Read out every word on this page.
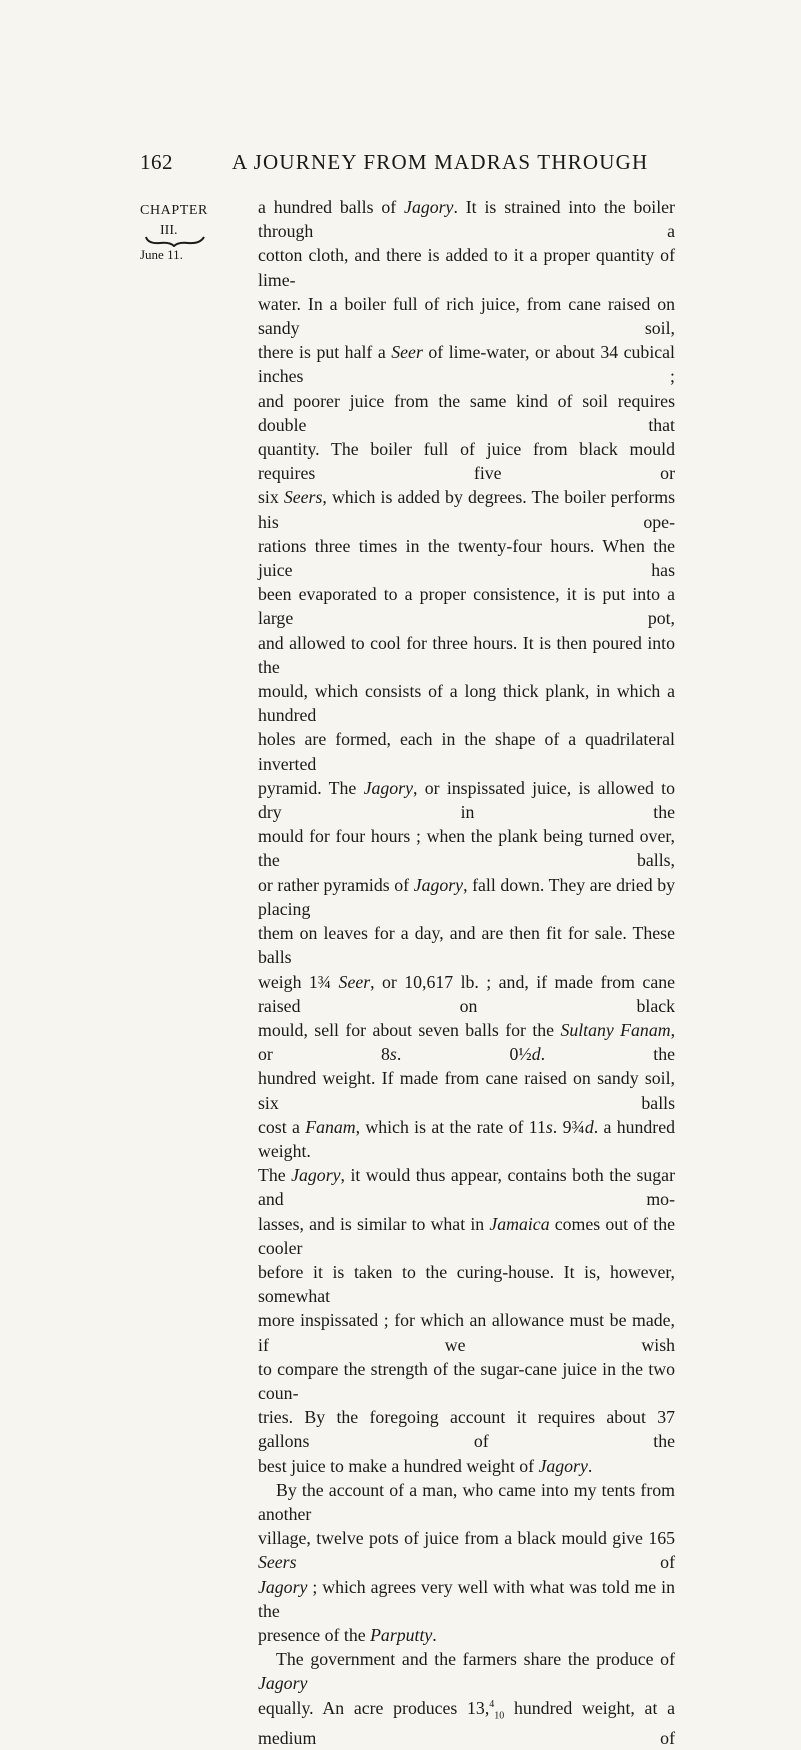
162	A JOURNEY FROM MADRAS THROUGH
CHAPTER
III.
June 11.
a hundred balls of Jagory. It is strained into the boiler through a
cotton cloth, and there is added to it a proper quantity of lime-
water. In a boiler full of rich juice, from cane raised on sandy soil,
there is put half a Seer of lime-water, or about 34 cubical inches ;
and poorer juice from the same kind of soil requires double that
quantity. The boiler full of juice from black mould requires five or
six Seers, which is added by degrees. The boiler performs his ope-
rations three times in the twenty-four hours. When the juice has
been evaporated to a proper consistence, it is put into a large pot,
and allowed to cool for three hours. It is then poured into the
mould, which consists of a long thick plank, in which a hundred
holes are formed, each in the shape of a quadrilateral inverted
pyramid. The Jagory, or inspissated juice, is allowed to dry in the
mould for four hours ; when the plank being turned over, the balls,
or rather pyramids of Jagory, fall down. They are dried by placing
them on leaves for a day, and are then fit for sale. These balls
weigh 1¾ Seer, or 10,617 lb. ; and, if made from cane raised on black
mould, sell for about seven balls for the Sultany Fanam, or 8s. 0½d. the
hundred weight. If made from cane raised on sandy soil, six balls
cost a Fanam, which is at the rate of 11s. 9¾d. a hundred weight.
The Jagory, it would thus appear, contains both the sugar and mo-
lasses, and is similar to what in Jamaica comes out of the cooler
before it is taken to the curing-house. It is, however, somewhat
more inspissated ; for which an allowance must be made, if we wish
to compare the strength of the sugar-cane juice in the two coun-
tries. By the foregoing account it requires about 37 gallons of the
best juice to make a hundred weight of Jagory.
By the account of a man, who came into my tents from another
village, twelve pots of juice from a black mould give 165 Seers of
Jagory ; which agrees very well with what was told me in the
presence of the Parputty.
The government and the farmers share the produce of Jagory
equally. An acre produces 13,$^4_{10}$ hundred weight, at a medium of
